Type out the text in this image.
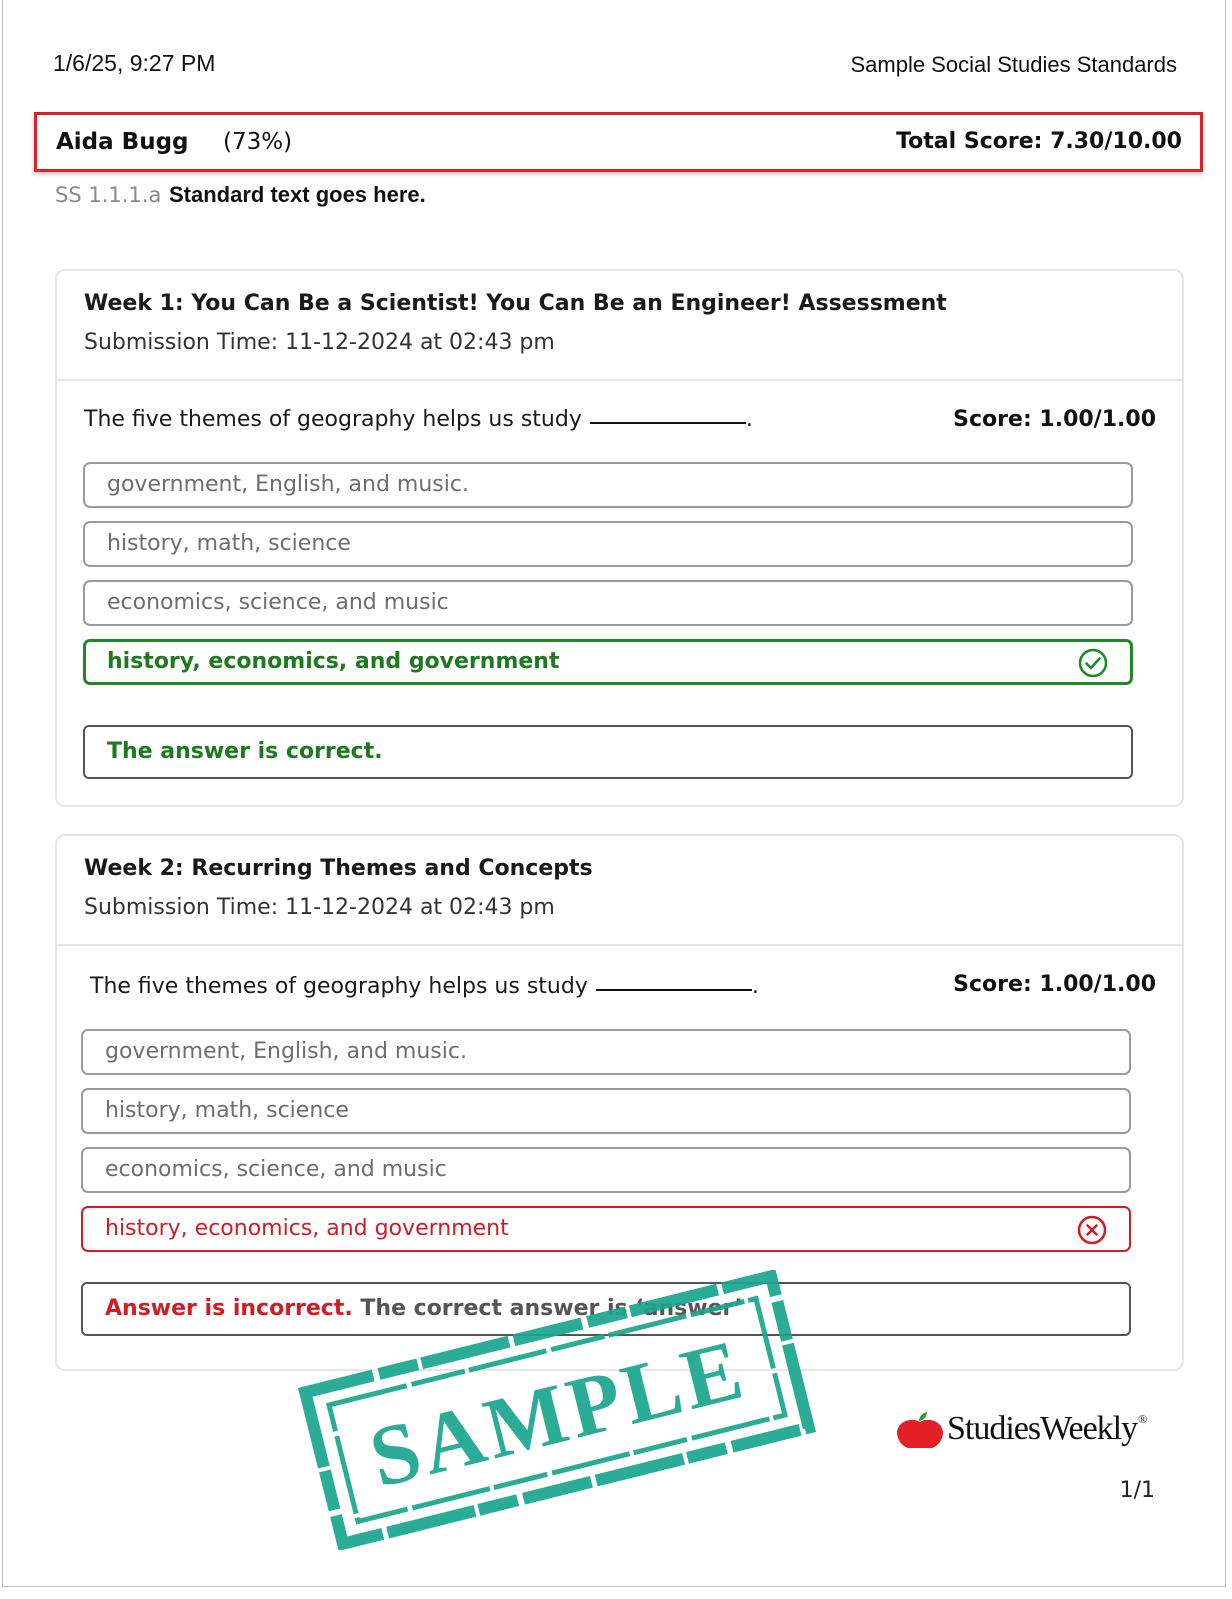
1/6/25, 9:27 PM	Sample Social Studies Standards
Aida Bugg (73%)	Total Score: 7.30/10.00
SS 1.1.1.a Standard text goes here.
Week 1: You Can Be a Scientist! You Can Be an Engineer! Assessment
Submission Time: 11-12-2024 at 02:43 pm
The five themes of geography helps us study	.	Score: 1.00/1.00
government, English, and music.
history, math, science
economics, science, and music
history, economics, and government
The answer is correct.
Week 2: Recurring Themes and Concepts
Submission Time: 11-12-2024 at 02:43 pm
The five themes of geography helps us study	.	Score: 1.00/1.00
government, English, and music.
history, math, science
economics, science, and music
history, economics, and government
Answer is incorrect. The correct answer is ‘answer’
StudiesWeekly®
1/1
SAMPLE
